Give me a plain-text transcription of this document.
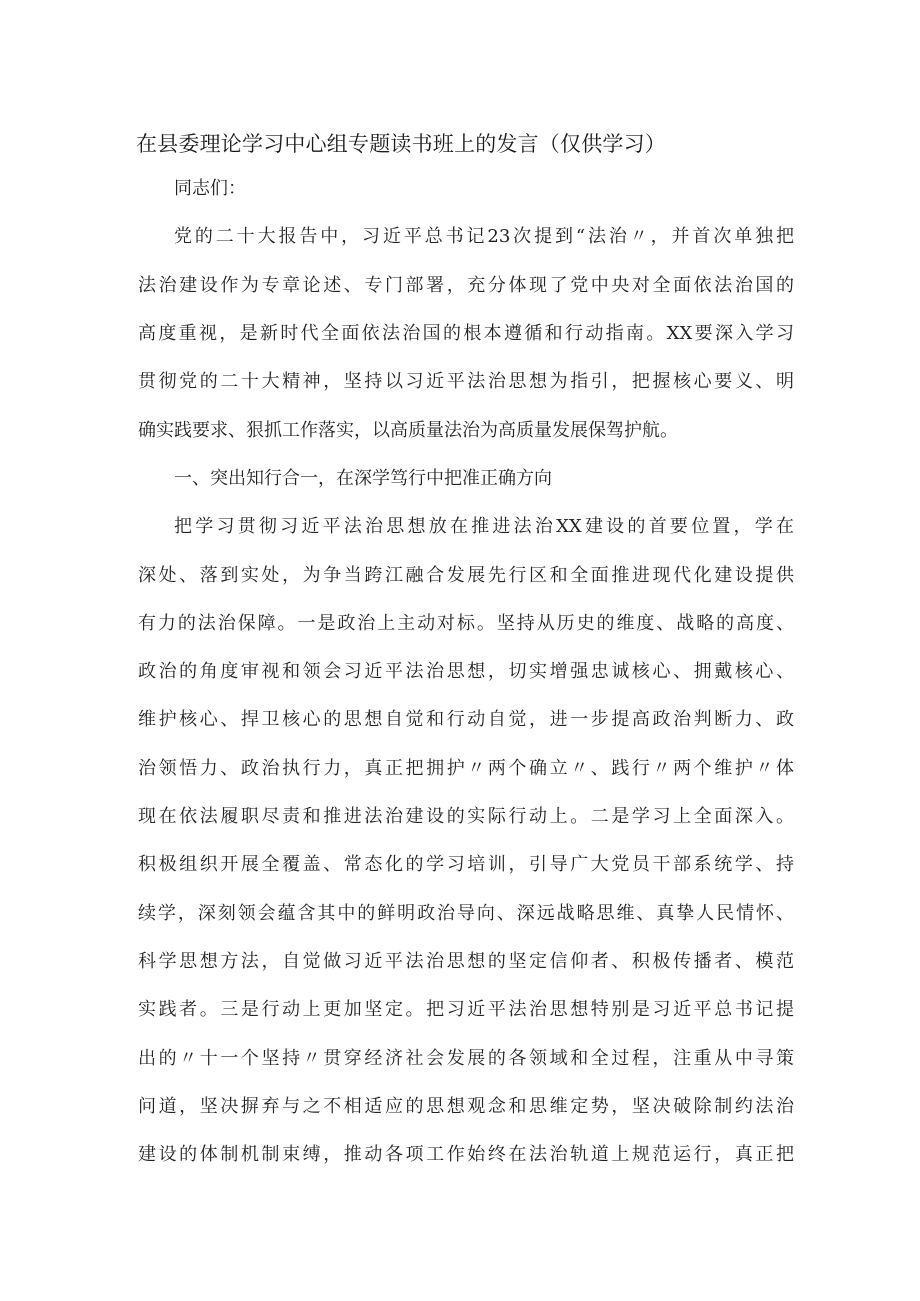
在县委理论学习中心组专题读书班上的发言（仅供学习）
同志们：
党的二十大报告中，习近平总书记23次提到“法治〃，并首次单独把
法治建设作为专章论述、专门部署，充分体现了党中央对全面依法治国的
高度重视，是新时代全面依法治国的根本遵循和行动指南。XX要深入学习
贯彻党的二十大精神，坚持以习近平法治思想为指引，把握核心要义、明
确实践要求、狠抓工作落实，以高质量法治为高质量发展保驾护航。
一、突出知行合一，在深学笃行中把准正确方向
把学习贯彻习近平法治思想放在推进法治XX建设的首要位置，学在
深处、落到实处，为争当跨江融合发展先行区和全面推进现代化建设提供
有力的法治保障。一是政治上主动对标。坚持从历史的维度、战略的高度、
政治的角度审视和领会习近平法治思想，切实增强忠诚核心、拥戴核心、
维护核心、捍卫核心的思想自觉和行动自觉，进一步提高政治判断力、政
治领悟力、政治执行力，真正把拥护〃两个确立〃、践行〃两个维护〃体
现在依法履职尽责和推进法治建设的实际行动上。二是学习上全面深入。
积极组织开展全覆盖、常态化的学习培训，引导广大党员干部系统学、持
续学，深刻领会蕴含其中的鲜明政治导向、深远战略思维、真挚人民情怀、
科学思想方法，自觉做习近平法治思想的坚定信仰者、积极传播者、模范
实践者。三是行动上更加坚定。把习近平法治思想特别是习近平总书记提
出的〃十一个坚持〃贯穿经济社会发展的各领域和全过程，注重从中寻策
问道，坚决摒弃与之不相适应的思想观念和思维定势，坚决破除制约法治
建设的体制机制束缚，推动各项工作始终在法治轨道上规范运行，真正把
